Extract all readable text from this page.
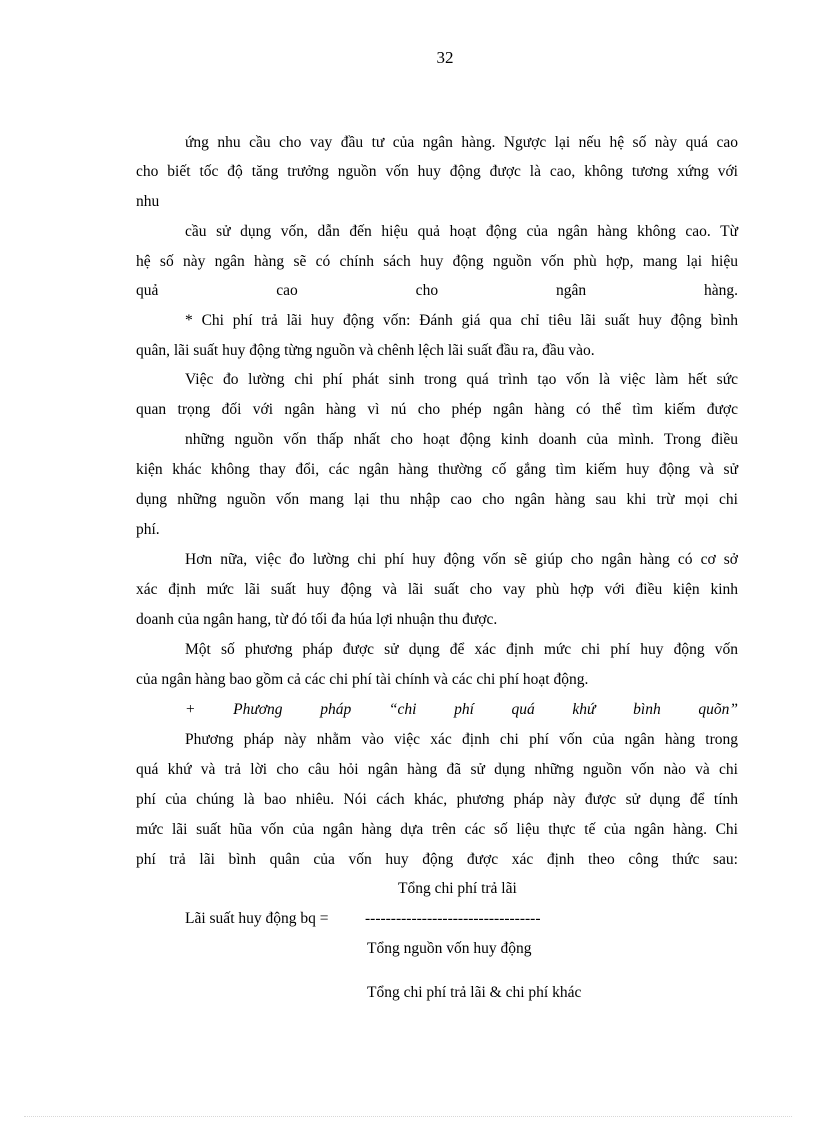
32
ứng nhu cầu cho vay đầu tư của ngân hàng. Ngược lại nếu hệ số này quá cao
cho biết tốc độ tăng trưởng nguồn vốn huy động được là cao, không tương xứng với
nhu
cầu sử dụng vốn, dẫn đến hiệu quả hoạt động của ngân hàng không cao. Từ
hệ số này ngân hàng sẽ có chính sách huy động nguồn vốn phù hợp, mang lại hiệu
quả cao cho ngân hàng.
* Chi phí trả lãi huy động vốn: Đánh giá qua chỉ tiêu lãi suất huy động bình
quân, lãi suất huy động từng nguồn và chênh lệch lãi suất đầu ra, đầu vào.
Việc đo lường chi phí phát sinh trong quá trình tạo vốn là việc làm hết sức
quan trọng đối với ngân hàng vì nú cho phép ngân hàng có thể tìm kiếm được
những nguồn vốn thấp nhất cho hoạt động kinh doanh của mình. Trong điều
kiện khác không thay đổi, các ngân hàng thường cố gắng tìm kiếm huy động và sử
dụng những nguồn vốn mang lại thu nhập cao cho ngân hàng sau khi trừ mọi chi
phí.
Hơn nữa, việc đo lường chi phí huy động vốn sẽ giúp cho ngân hàng có cơ sở
xác định mức lãi suất huy động và lãi suất cho vay phù hợp với điều kiện kinh
doanh của ngân hang, từ đó tối đa húa lợi nhuận thu được.
Một số phương pháp được sử dụng để xác định mức chi phí huy động vốn
của ngân hàng bao gồm cả các chi phí tài chính và các chi phí hoạt động.
+ Phương pháp “chi phí quá khứ bình quõn”
Phương pháp này nhằm vào việc xác định chi phí vốn của ngân hàng trong
quá khứ và trả lời cho câu hỏi ngân hàng đã sử dụng những nguồn vốn nào và chi
phí của chúng là bao nhiêu. Nói cách khác, phương pháp này được sử dụng để tính
mức lãi suất hũa vốn của ngân hàng dựa trên các số liệu thực tế của ngân hàng. Chi
phí trả lãi bình quân của vốn huy động được xác định theo công thức sau:
Tổng chi phí trả lãi
Lãi suất huy động bq = ----------------------------------
Tổng nguồn vốn huy động
Tổng chi phí trả lãi & chi phí khác
